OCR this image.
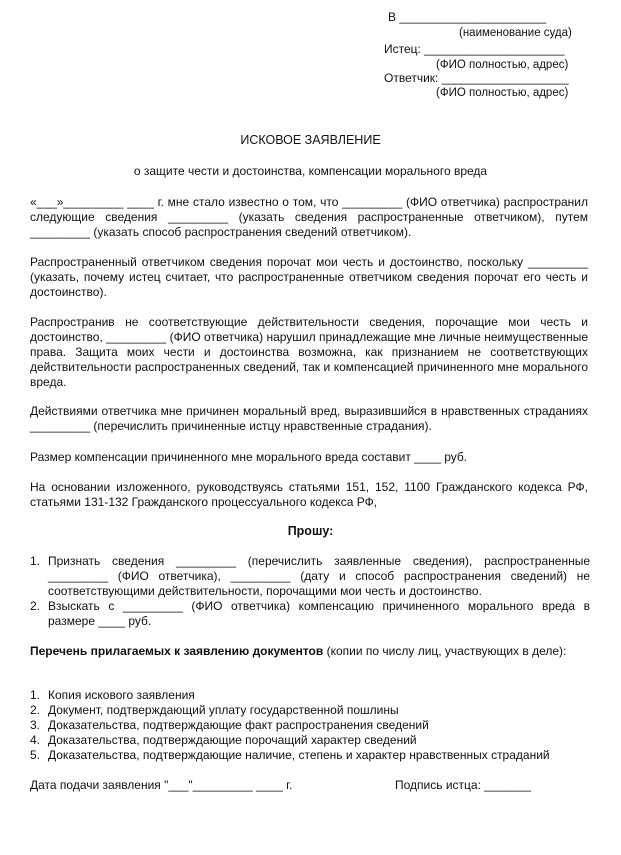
В ______________________
(наименование суда)
Истец: _____________________
(ФИО полностью, адрес)
Ответчик: ___________________
(ФИО полностью, адрес)
ИСКОВОЕ ЗАЯВЛЕНИЕ
о защите чести и достоинства, компенсации морального вреда
«___»_________ ____ г. мне стало известно о том, что _________ (ФИО ответчика) распространил следующие сведения _________ (указать сведения распространенные ответчиком), путем _________ (указать способ распространения сведений ответчиком).
Распространенный ответчиком сведения порочат мои честь и достоинство, поскольку _________ (указать, почему истец считает, что распространенные ответчиком сведения порочат его честь и достоинство).
Распространив не соответствующие действительности сведения, порочащие мои честь и достоинство, _________ (ФИО ответчика) нарушил принадлежащие мне личные неимущественные права. Защита моих чести и достоинства возможна, как признанием не соответствующих действительности распространенных сведений, так и компенсацией причиненного мне морального вреда.
Действиями ответчика мне причинен моральный вред, выразившийся в нравственных страданиях _________ (перечислить причиненные истцу нравственные страдания).
Размер компенсации причиненного мне морального вреда составит ____ руб.
На основании изложенного, руководствуясь статьями 151, 152, 1100 Гражданского кодекса РФ, статьями 131-132 Гражданского процессуального кодекса РФ,
Прошу:
1. Признать сведения _________ (перечислить заявленные сведения), распространенные _________ (ФИО ответчика), _________ (дату и способ распространения сведений) не соответствующими действительности, порочащими мои честь и достоинство.
2. Взыскать с _________ (ФИО ответчика) компенсацию причиненного морального вреда в размере ____ руб.
Перечень прилагаемых к заявлению документов (копии по числу лиц, участвующих в деле):
1. Копия искового заявления
2. Документ, подтверждающий уплату государственной пошлины
3. Доказательства, подтверждающие факт распространения сведений
4. Доказательства, подтверждающие порочащий характер сведений
5. Доказательства, подтверждающие наличие, степень и характер нравственных страданий
Дата подачи заявления "___"_________ ____ г.	Подпись истца: _______
